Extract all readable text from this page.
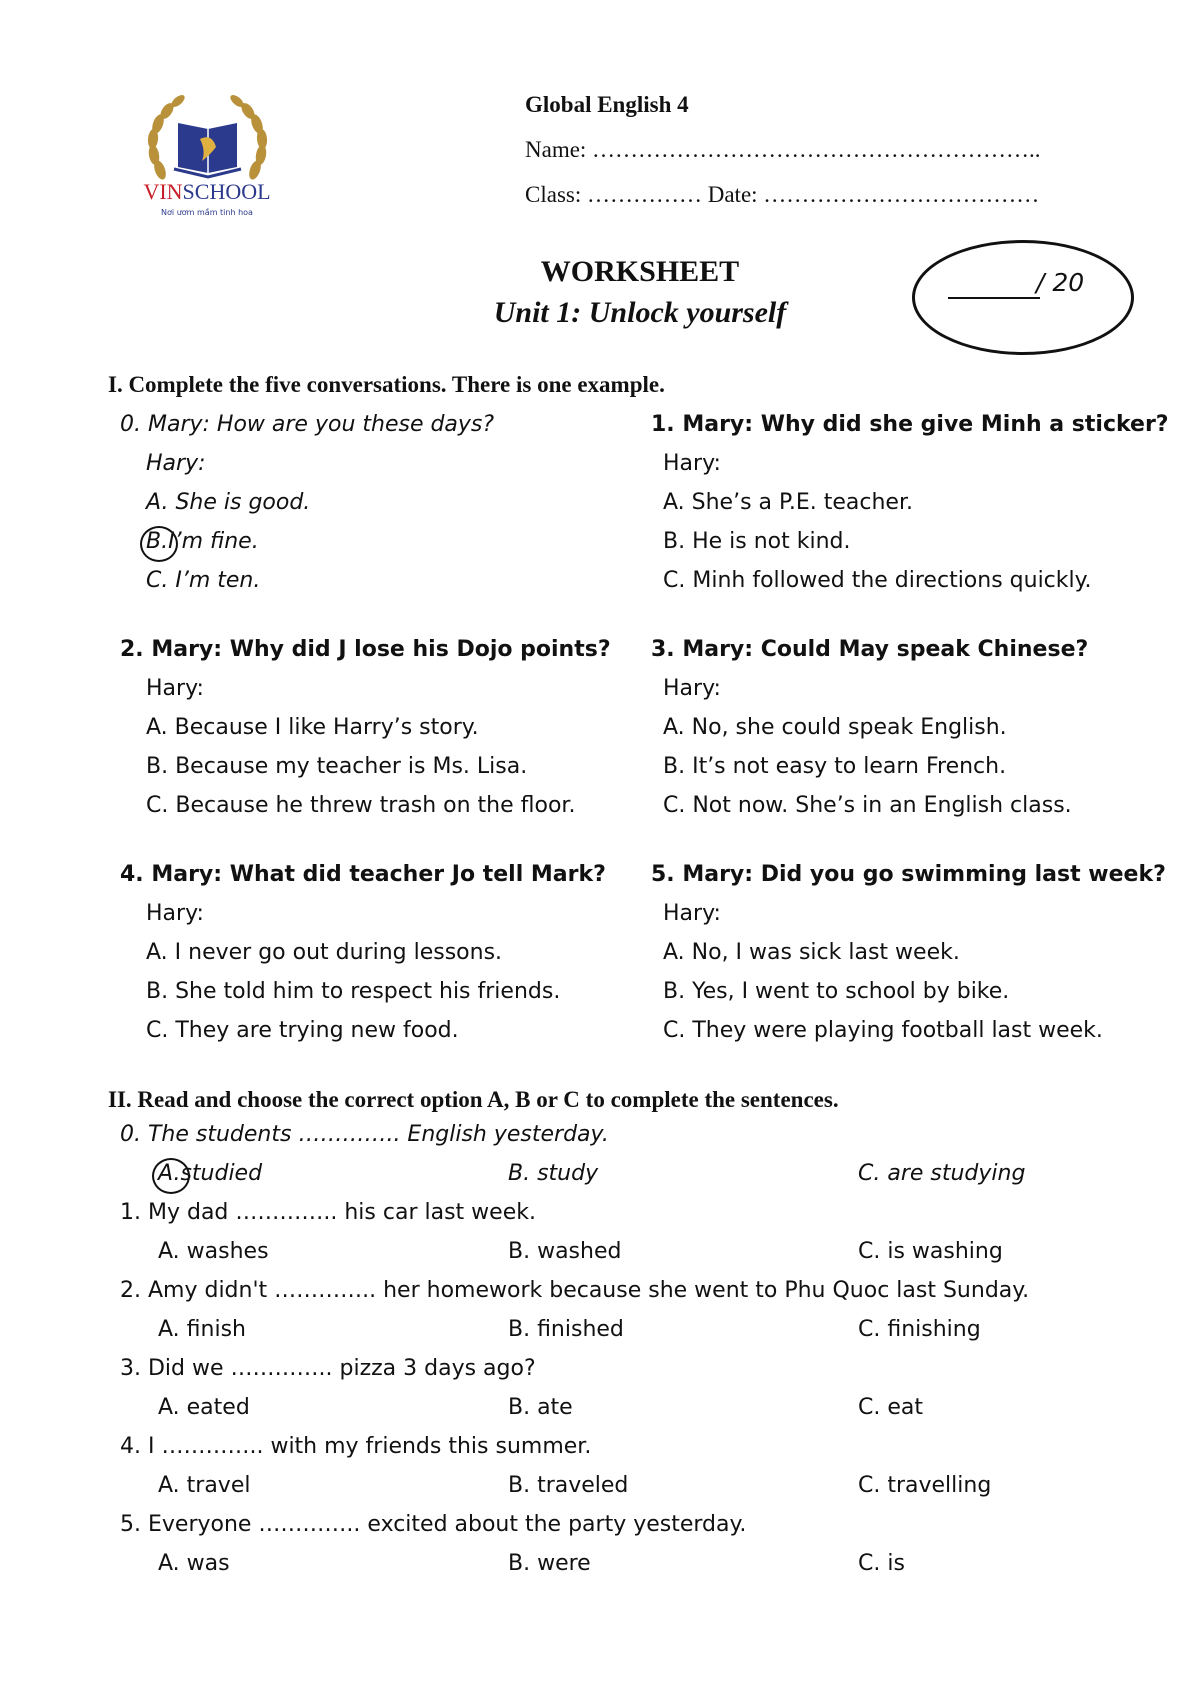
VINSCHOOL
Nơi ươm mầm tinh hoa
Global English 4
Name: …………………………………………………..
Class: …………… Date: ………………………………
WORKSHEET
Unit 1: Unlock yourself
/ 20
I. Complete the five conversations. There is one example.
0. Mary: How are you these days?
Hary:
A. She is good.
B.I’m fine.
C. I’m ten.
1. Mary: Why did she give Minh a sticker?
Hary:
A. She’s a P.E. teacher.
B. He is not kind.
C. Minh followed the directions quickly.
2. Mary: Why did J lose his Dojo points?
Hary:
A. Because I like Harry’s story.
B. Because my teacher is Ms. Lisa.
C. Because he threw trash on the floor.
3. Mary: Could May speak Chinese?
Hary:
A. No, she could speak English.
B. It’s not easy to learn French.
C. Not now. She’s in an English class.
4. Mary: What did teacher Jo tell Mark?
Hary:
A. I never go out during lessons.
B. She told him to respect his friends.
C. They are trying new food.
5. Mary: Did you go swimming last week?
Hary:
A. No, I was sick last week.
B. Yes, I went to school by bike.
C. They were playing football last week.
II. Read and choose the correct option A, B or C to complete the sentences.
0. The students ………….. English yesterday.
A.studied	B. study	C. are studying
1. My dad ………….. his car last week.
A. washes	B. washed	C. is washing
2. Amy didn't ………….. her homework because she went to Phu Quoc last Sunday.
A. finish	B. finished	C. finishing
3. Did we ………….. pizza 3 days ago?
A. eated	B. ate	C. eat
4. I ………….. with my friends this summer.
A. travel	B. traveled	C. travelling
5. Everyone ………….. excited about the party yesterday.
A. was	B. were	C. is
